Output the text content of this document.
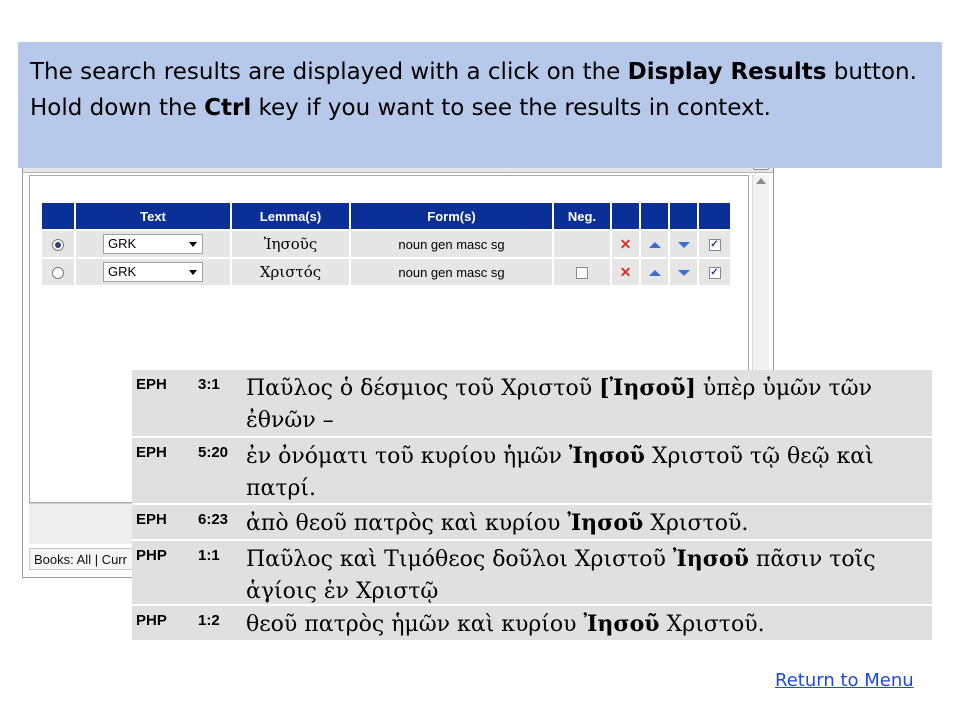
Books: All | Curr
	Text	Lemma(s)	Form(s)	Neg.				
	GRK	Ἰησοῦς	noun gen masc sg		✕			✓
	GRK	Χριστός	noun gen masc sg		✕			✓
The search results are displayed with a click on the Display Results button. Hold down the Ctrl key if you want to see the results in context.
EPH 3:1 Παῦλος ὁ δέσμιος τοῦ Χριστοῦ [Ἰησοῦ] ὑπὲρ ὑμῶν τῶν
ἐθνῶν –
EPH 5:20 ἐν ὀνόματι τοῦ κυρίου ἡμῶν Ἰησοῦ Χριστοῦ τῷ θεῷ καὶ
πατρί.
EPH 6:23 ἀπὸ θεοῦ πατρὸς καὶ κυρίου Ἰησοῦ Χριστοῦ.
PHP 1:1 Παῦλος καὶ Τιμόθεος δοῦλοι Χριστοῦ Ἰησοῦ πᾶσιν τοῖς
ἁγίοις ἐν Χριστῷ
PHP 1:2 θεοῦ πατρὸς ἡμῶν καὶ κυρίου Ἰησοῦ Χριστοῦ.
Return to Menu
